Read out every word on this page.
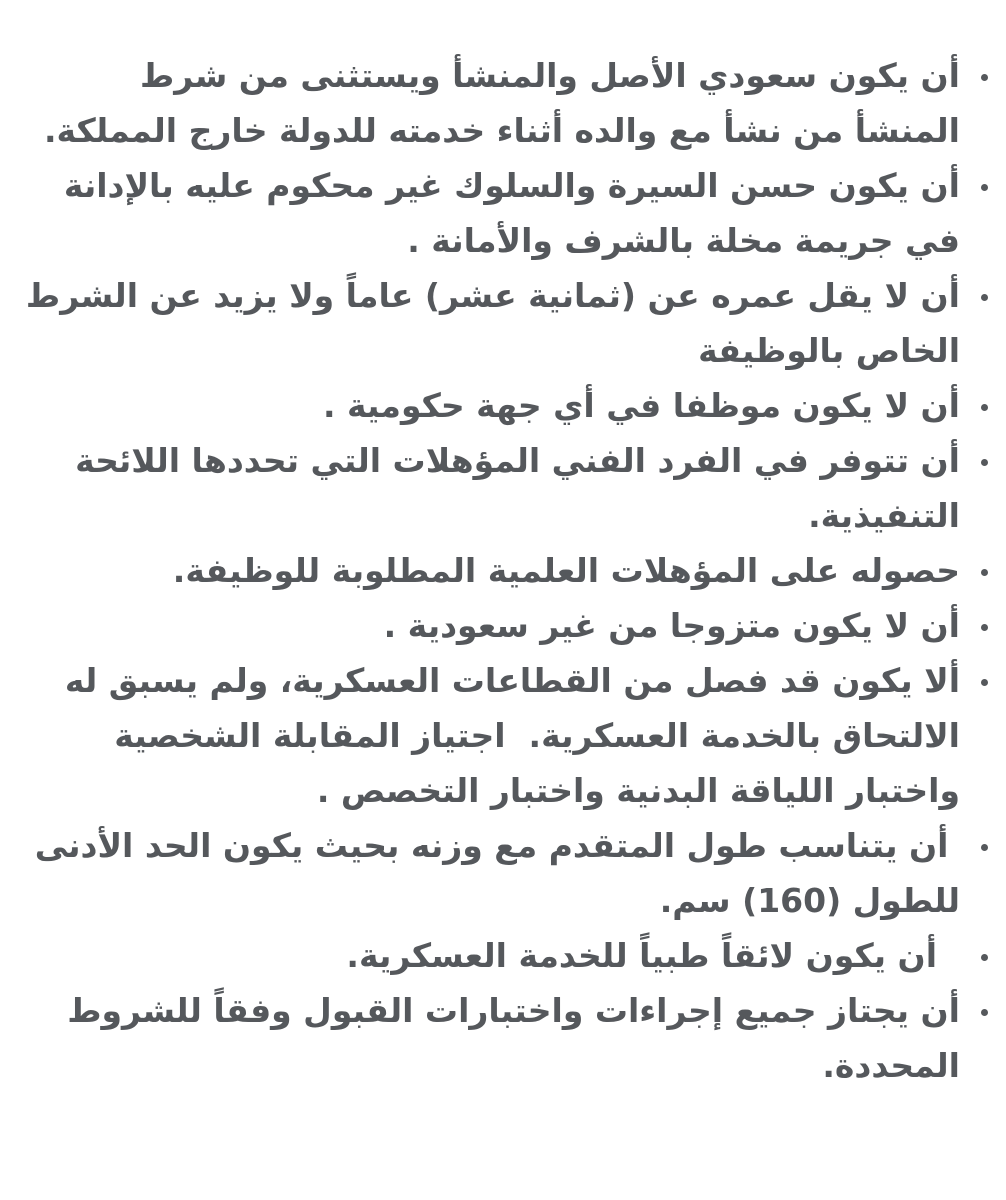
أن يكون سعودي الأصل والمنشأ ويستثنى من شرط المنشأ من نشأ مع والده أثناء خدمته للدولة خارج المملكة.
أن يكون حسن السيرة والسلوك غير محكوم عليه بالإدانة في جريمة مخلة بالشرف والأمانة .
أن لا يقل عمره عن (ثمانية عشر) عاماً ولا يزيد عن الشرط الخاص بالوظيفة
أن لا يكون موظفا في أي جهة حكومية .
أن تتوفر في الفرد الفني المؤهلات التي تحددها اللائحة التنفيذية.
حصوله على المؤهلات العلمية المطلوبة للوظيفة.
أن لا يكون متزوجا من غير سعودية .
ألا يكون قد فصل من القطاعات العسكرية، ولم يسبق له الالتحاق بالخدمة العسكرية.  اجتياز المقابلة الشخصية واختبار اللياقة البدنية واختبار التخصص .
أن يتناسب طول المتقدم مع وزنه بحيث يكون الحد الأدنى للطول (160) سم.
أن يكون لائقاً طبياً للخدمة العسكرية.
أن يجتاز جميع إجراءات واختبارات القبول وفقاً للشروط المحددة.
